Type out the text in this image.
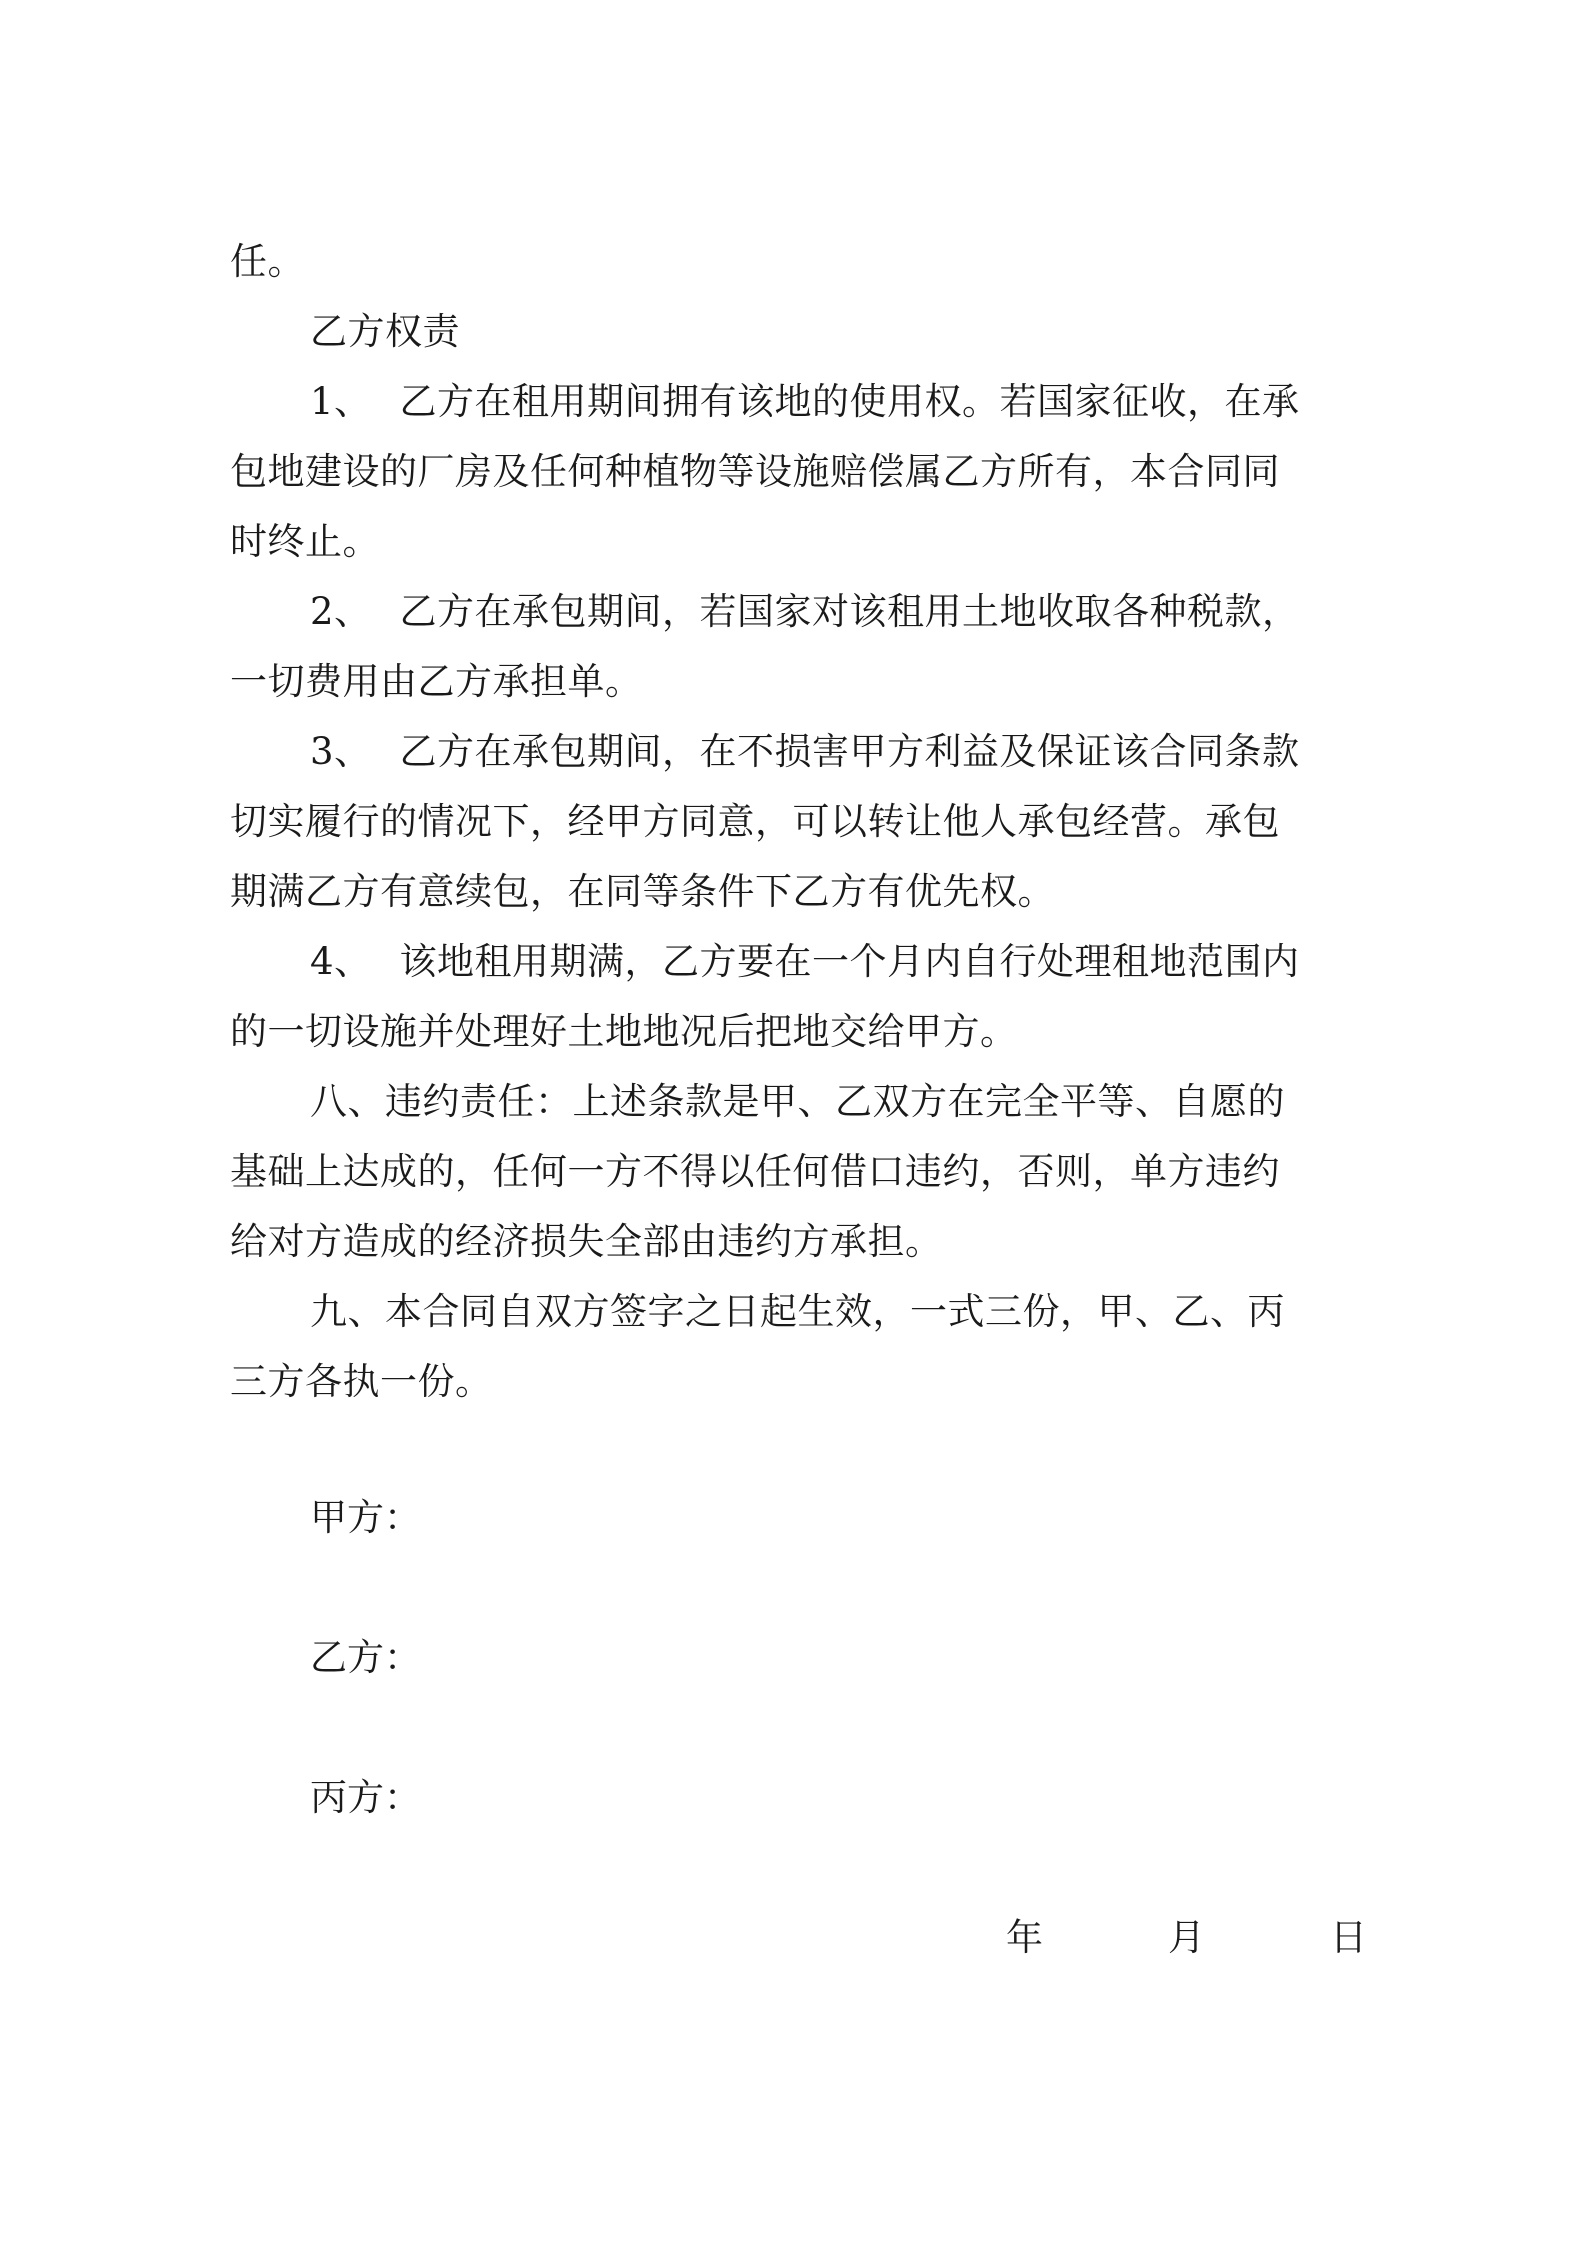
任。
乙方权责
1、 乙方在租用期间拥有该地的使用权。若国家征收，在承
包地建设的厂房及任何种植物等设施赔偿属乙方所有，本合同同
时终止。
2、 乙方在承包期间，若国家对该租用土地收取各种税款，
一切费用由乙方承担单。
3、 乙方在承包期间，在不损害甲方利益及保证该合同条款
切实履行的情况下，经甲方同意，可以转让他人承包经营。承包
期满乙方有意续包，在同等条件下乙方有优先权。
4、 该地租用期满，乙方要在一个月内自行处理租地范围内
的一切设施并处理好土地地况后把地交给甲方。
八、违约责任：上述条款是甲、乙双方在完全平等、自愿的
基础上达成的，任何一方不得以任何借口违约，否则，单方违约
给对方造成的经济损失全部由违约方承担。
九、本合同自双方签字之日起生效，一式三份，甲、乙、丙
三方各执一份。
甲方：
乙方：
丙方：
年	月	日
